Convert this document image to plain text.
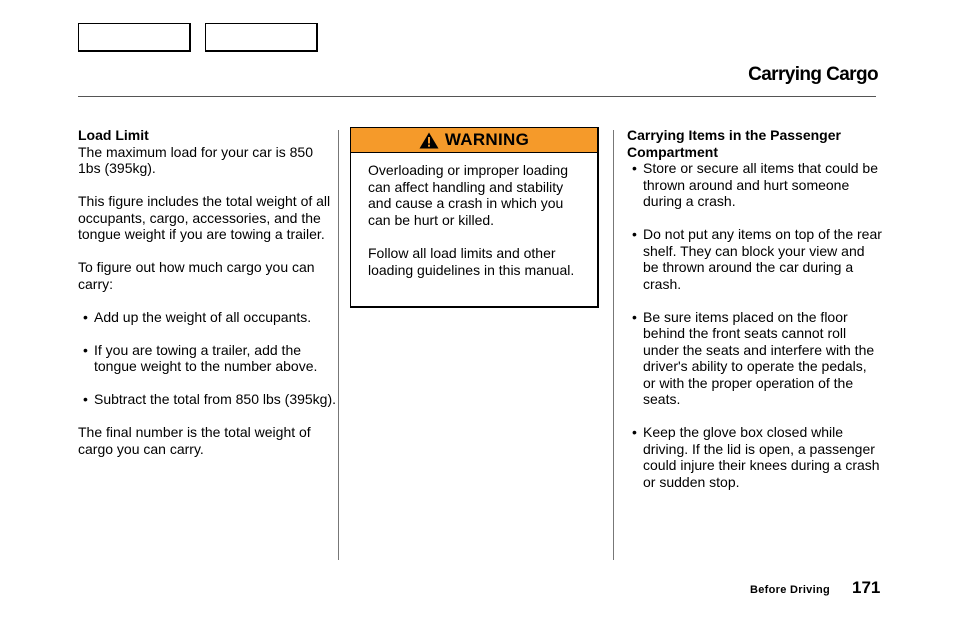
Carrying Cargo
Load Limit

The maximum load for your car is 850 1bs (395kg).

This figure includes the total weight of all occupants, cargo, accessories, and the tongue weight if you are towing a trailer.

To figure out how much cargo you can carry:

• Add up the weight of all occupants.
• If you are towing a trailer, add the tongue weight to the number above.
• Subtract the total from 850 lbs (395kg).

The final number is the total weight of cargo you can carry.

WARNING

Overloading or improper loading can affect handling and stability and cause a crash in which you can be hurt or killed.

Follow all load limits and other loading guidelines in this manual.

Carrying Items in the Passenger Compartment
• Store or secure all items that could be thrown around and hurt someone during a crash.
• Do not put any items on top of the rear shelf. They can block your view and be thrown around the car during a crash.
• Be sure items placed on the floor behind the front seats cannot roll under the seats and interfere with the driver's ability to operate the pedals, or with the proper operation of the seats.
• Keep the glove box closed while driving. If the lid is open, a passenger could injure their knees during a crash or sudden stop.
Before Driving 171
